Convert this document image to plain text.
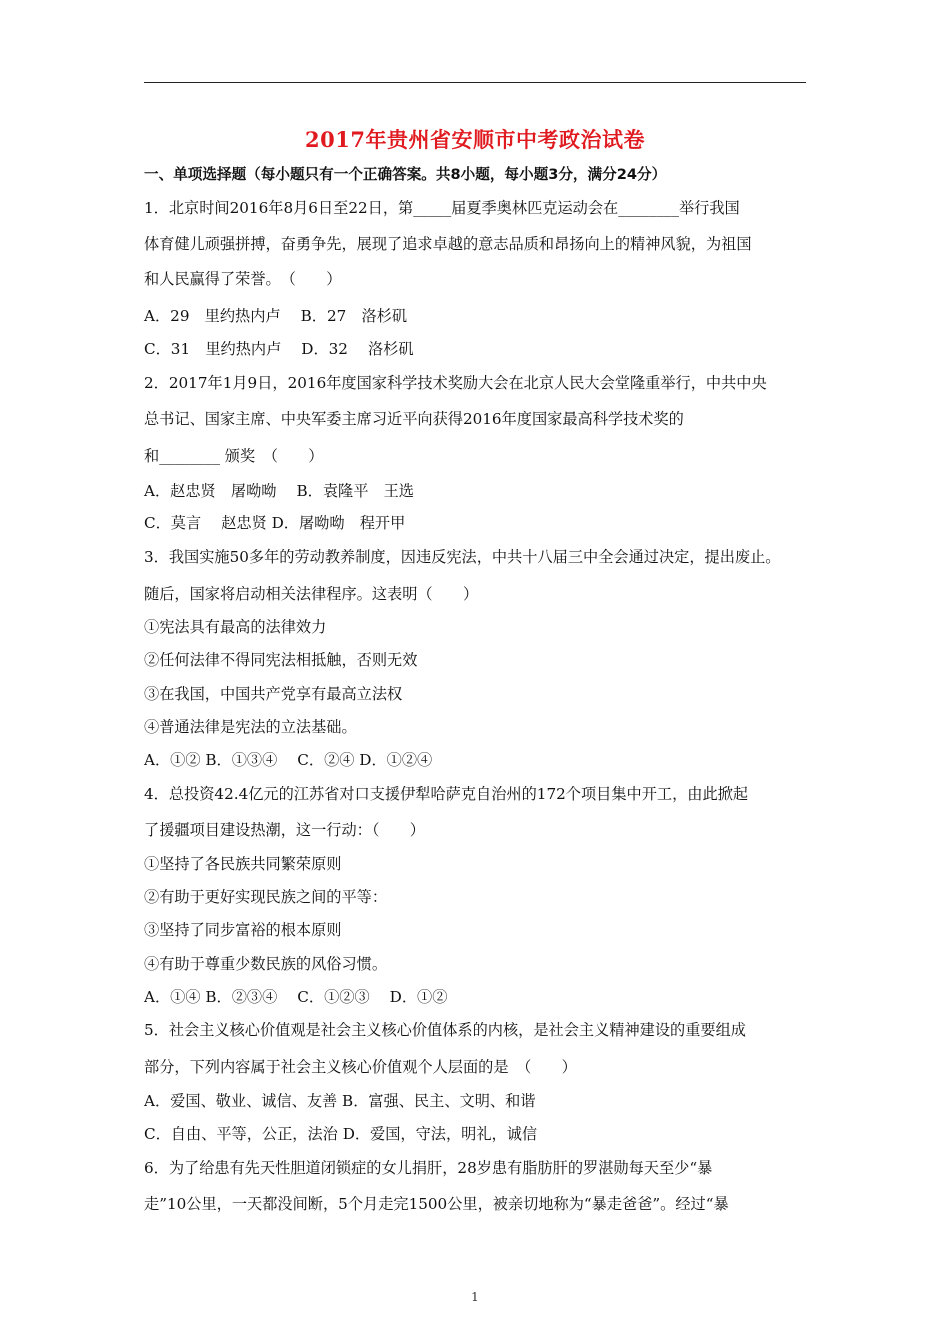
2017年贵州省安顺市中考政治试卷
一、单项选择题（每小题只有一个正确答案。共8小题，每小题3分，满分24分）
1．北京时间2016年8月6日至22日，第_____届夏季奥林匹克运动会在________举行我国
体育健儿顽强拼搏，奋勇争先，展现了追求卓越的意志品质和昂扬向上的精神风貌，为祖国
和人民赢得了荣誉。　（　　）
A．29　里约热内卢　 B．27　洛杉矶
C．31　里约热内卢　 D．32　 洛杉矶
2．2017年1月9日，2016年度国家科学技术奖励大会在北京人民大会堂隆重举行，中共中央
总书记、国家主席、中央军委主席习近平向获得2016年度国家最高科学技术奖的
和________ 颁奖　（　　）
A．赵忠贤　屠呦呦　 B．袁隆平　王选
C．莫言　 赵忠贤 D．屠呦呦　程开甲
3．我国实施50多年的劳动教养制度，因违反宪法，中共十八届三中全会通过决定，提出废止。
随后，国家将启动相关法律程序。这表明（　　）
①宪法具有最高的法律效力
②任何法律不得同宪法相抵触，否则无效
③在我国，中国共产党享有最高立法权
④普通法律是宪法的立法基础。
A．①② B．①③④　 C．②④ D．①②④
4．总投资42.4亿元的江苏省对口支援伊犁哈萨克自治州的172个项目集中开工，由此掀起
了援疆项目建设热潮，这一行动：（　　）
①坚持了各民族共同繁荣原则
②有助于更好实现民族之间的平等：
③坚持了同步富裕的根本原则
④有助于尊重少数民族的风俗习惯。
A．①④ B．②③④　 C．①②③　 D．①②
5．社会主义核心价值观是社会主义核心价值体系的内核，是社会主义精神建设的重要组成
部分，下列内容属于社会主义核心价值观个人层面的是　（　　）
A．爱国、敬业、诚信、友善 B．富强、民主、文明、和谐
C．自由、平等，公正，法治 D．爱国，守法，明礼，诚信
6．为了给患有先天性胆道闭锁症的女儿捐肝，28岁患有脂肪肝的罗湛勋每天至少“暴
走”10公里，一天都没间断，5个月走完1500公里，被亲切地称为“暴走爸爸”。经过“暴
1
